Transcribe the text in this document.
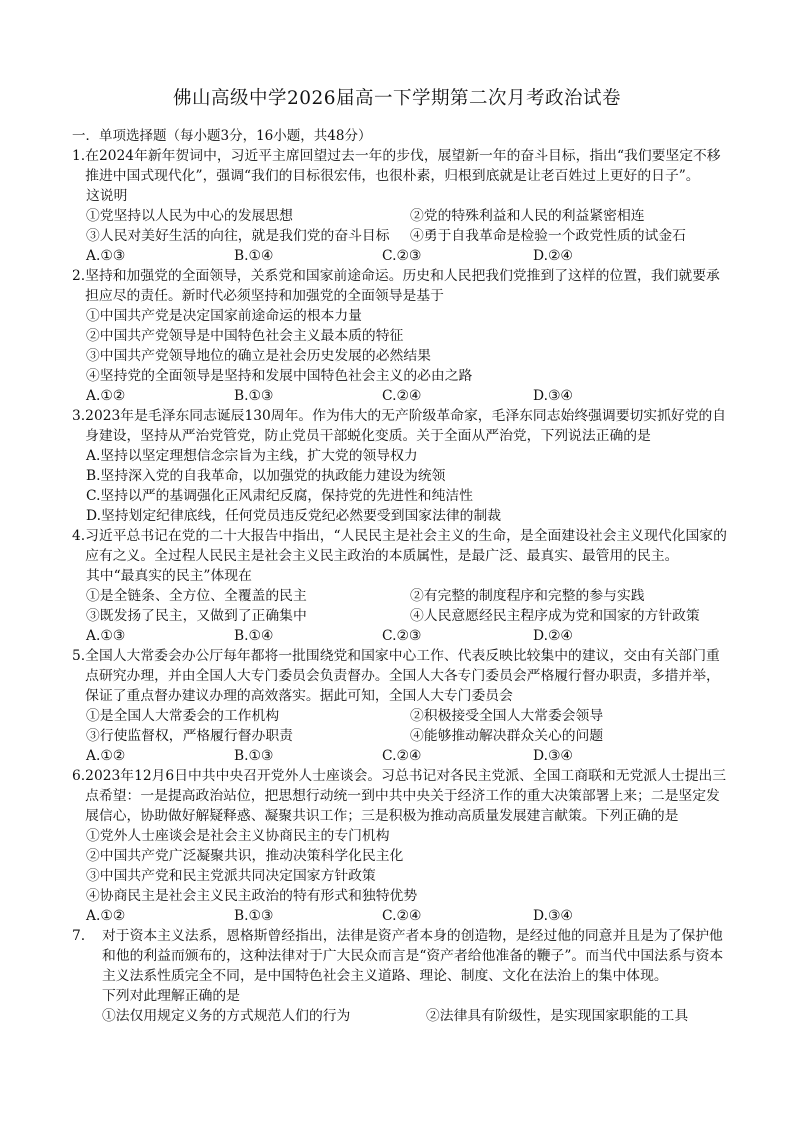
佛山高级中学2026届高一下学期第二次月考政治试卷
一．单项选择题（每小题3分，16小题，共48分）
1. 在2024年新年贺词中，习近平主席回望过去一年的步伐，展望新一年的奋斗目标，指出“我们要坚定不移推进中国式现代化”，强调“我们的目标很宏伟，也很朴素，归根到底就是让老百姓过上更好的日子”。
这说明
①党坚持以人民为中心的发展思想	②党的特殊利益和人民的利益紧密相连
③人民对美好生活的向往，就是我们党的奋斗目标	④勇于自我革命是检验一个政党性质的试金石
A.①③	B.①④	C.②③	D.②④
2. 坚持和加强党的全面领导，关系党和国家前途命运。历史和人民把我们党推到了这样的位置，我们就要承担应尽的责任。新时代必须坚持和加强党的全面领导是基于
①中国共产党是决定国家前途命运的根本力量
②中国共产党领导是中国特色社会主义最本质的特征
③中国共产党领导地位的确立是社会历史发展的必然结果
④坚持党的全面领导是坚持和发展中国特色社会主义的必由之路
A.①②	B.①③	C.②④	D.③④
3. 2023年是毛泽东同志诞辰130周年。作为伟大的无产阶级革命家，毛泽东同志始终强调要切实抓好党的自身建设，坚持从严治党管党，防止党员干部蜕化变质。关于全面从严治党，下列说法正确的是
A.坚持以坚定理想信念宗旨为主线，扩大党的领导权力
B.坚持深入党的自我革命，以加强党的执政能力建设为统领
C.坚持以严的基调强化正风肃纪反腐，保持党的先进性和纯洁性
D.坚持划定纪律底线，任何党员违反党纪必然要受到国家法律的制裁
4. 习近平总书记在党的二十大报告中指出，“人民民主是社会主义的生命，是全面建设社会主义现代化国家的应有之义。全过程人民民主是社会主义民主政治的本质属性，是最广泛、最真实、最管用的民主。
其中“最真实的民主”体现在
①是全链条、全方位、全覆盖的民主	②有完整的制度程序和完整的参与实践
③既发扬了民主，又做到了正确集中	④人民意愿经民主程序成为党和国家的方针政策
A.①③	B.①④	C.②③	D.②④
5. 全国人大常委会办公厅每年都将一批围绕党和国家中心工作、代表反映比较集中的建议，交由有关部门重点研究办理，并由全国人大专门委员会负责督办。全国人大各专门委员会严格履行督办职责，多措并举，保证了重点督办建议办理的高效落实。据此可知，全国人大专门委员会
①是全国人大常委会的工作机构	②积极接受全国人大常委会领导
③行使监督权，严格履行督办职责	④能够推动解决群众关心的问题
A.①②	B.①③	C.②④	D.③④
6. 2023年12月6日中共中央召开党外人士座谈会。习总书记对各民主党派、全国工商联和无党派人士提出三点希望：一是提高政治站位，把思想行动统一到中共中央关于经济工作的重大决策部署上来；二是坚定发展信心，协助做好解疑释惑、凝聚共识工作；三是积极为推动高质量发展建言献策。下列正确的是
①党外人士座谈会是社会主义协商民主的专门机构
②中国共产党广泛凝聚共识，推动决策科学化民主化
③中国共产党和民主党派共同决定国家方针政策
④协商民主是社会主义民主政治的特有形式和独特优势
A.①②	B.①③	C.②④	D.③④
7.	对于资本主义法系，恩格斯曾经指出，法律是资产者本身的创造物，是经过他的同意并且是为了保护他和他的利益而颁布的，这种法律对于广大民众而言是“资产者给他准备的鞭子”。而当代中国法系与资本主义法系性质完全不同，是中国特色社会主义道路、理论、制度、文化在法治上的集中体现。
下列对此理解正确的是
①法仅用规定义务的方式规范人们的行为	②法律具有阶级性，是实现国家职能的工具
